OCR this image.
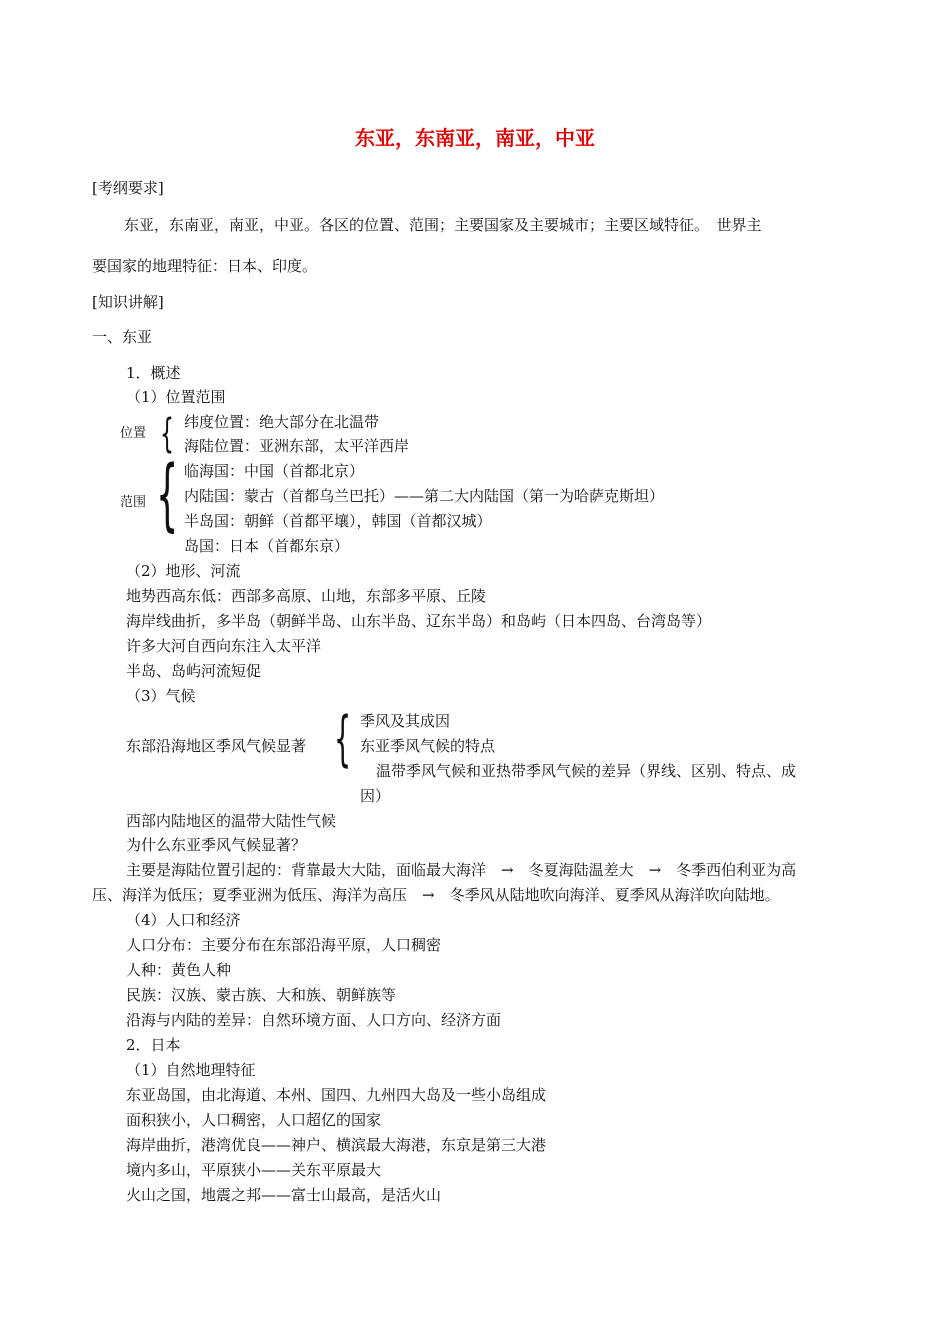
东亚，东南亚，南亚，中亚
[考纲要求]
东亚，东南亚，南亚，中亚。各区的位置、范围；主要国家及主要城市；主要区域特征。　世界主
要国家的地理特征：日本、印度。
[知识讲解]
一、东亚
1．概述
（1）位置范围
位置 { 纬度位置：绝大部分在北温带
海陆位置：亚洲东部，太平洋西岸
范围 { 临海国：中国（首都北京）
内陆国：蒙古（首都乌兰巴托）——第二大内陆国（第一为哈萨克斯坦）
半岛国：朝鲜（首都平壤），韩国（首都汉城）
岛国：日本（首都东京）
（2）地形、河流
地势西高东低：西部多高原、山地，东部多平原、丘陵
海岸线曲折，多半岛（朝鲜半岛、山东半岛、辽东半岛）和岛屿（日本四岛、台湾岛等）
许多大河自西向东注入太平洋
半岛、岛屿河流短促
（3）气候
东部沿海地区季风气候显著 { 季风及其成因
东亚季风气候的特点
温带季风气候和亚热带季风气候的差异（界线、区别、特点、成
因）
西部内陆地区的温带大陆性气候
为什么东亚季风气候显著？
主要是海陆位置引起的：背靠最大大陆，面临最大海洋　→　冬夏海陆温差大　→　冬季西伯利亚为高
压、海洋为低压；夏季亚洲为低压、海洋为高压　→　冬季风从陆地吹向海洋、夏季风从海洋吹向陆地。
（4）人口和经济
人口分布：主要分布在东部沿海平原，人口稠密
人种：黄色人种
民族：汉族、蒙古族、大和族、朝鲜族等
沿海与内陆的差异：自然环境方面、人口方向、经济方面
2．日本
（1）自然地理特征
东亚岛国，由北海道、本州、国四、九州四大岛及一些小岛组成
面积狭小，人口稠密，人口超亿的国家
海岸曲折，港湾优良——神户、横滨最大海港，东京是第三大港
境内多山，平原狭小——关东平原最大
火山之国，地震之邦——富士山最高，是活火山
